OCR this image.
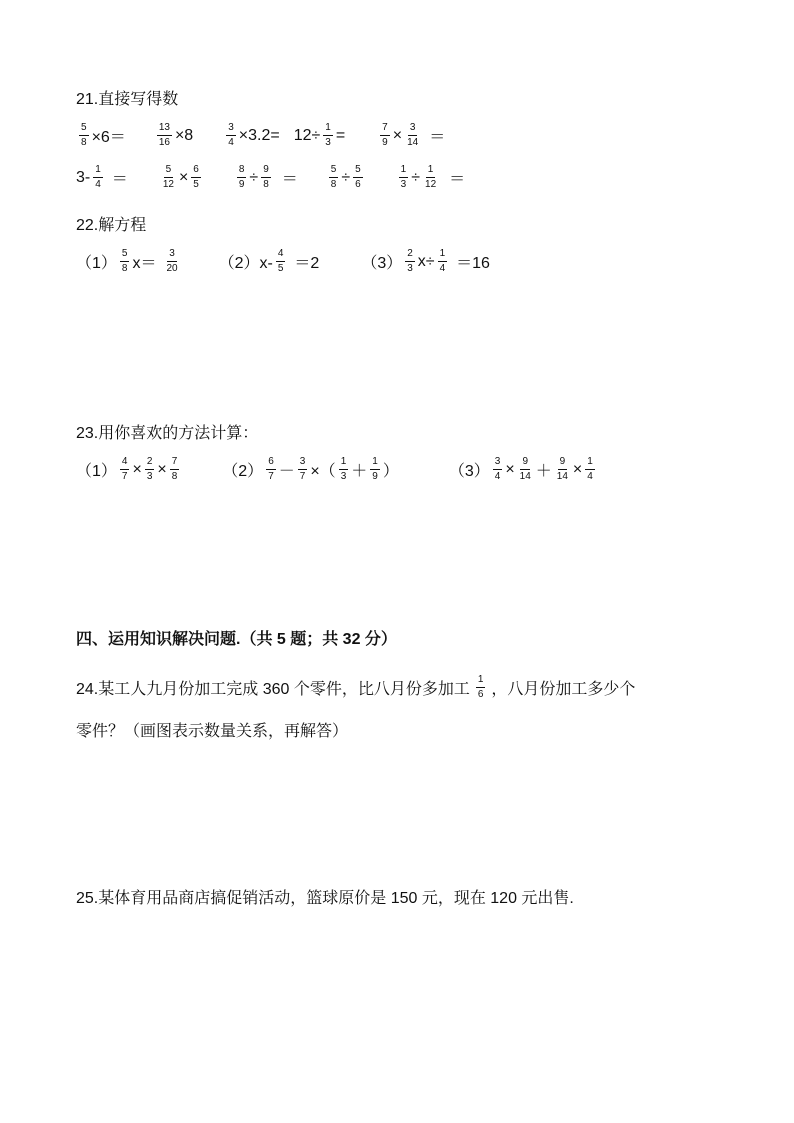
21.直接写得数
$\frac{5}{8} \times 6=$	$\frac{13}{16} \times 8$	$\frac{3}{4} \times 3.2= 12\div \frac{1}{3}$ =	$\frac{7}{9} \times \frac{3}{14}$ ＝
$3- \frac{1}{4}$ ＝	$\frac{5}{12} \times \frac{6}{5}$	$\frac{8}{9} \div \frac{9}{8}$ ＝	$\frac{5}{8} \div \frac{5}{6}$	$\frac{1}{3} \div \frac{1}{12}$ ＝
22.解方程
$(1) \frac{5}{8} x= \frac{3}{20} (2)x- \frac{4}{5} =2$	$(3) \frac{2}{3} x\div \frac{1}{4} =16$
23.用你喜欢的方法计算：
$(1) \frac{4}{7} \times \frac{2}{3} \times \frac{7}{8}$	$(2) \frac{6}{7} - \frac{3}{7}$ ×（ $\frac{1}{3} + \frac{1}{9}$ ）	$(3) \frac{3}{4} \times \frac{9}{14} + \frac{9}{14} \times \frac{1}{4}$
四、运用知识解决问题.（共 5 题；共 32 分）
24.某工人九月份加工完成 360 个零件，比八月份多加工 $\frac{1}{6}$ ，八月份加工多少个
零件？（画图表示数量关系，再解答）
25.某体育用品商店搞促销活动，篮球原价是 150 元，现在 120 元出售.
